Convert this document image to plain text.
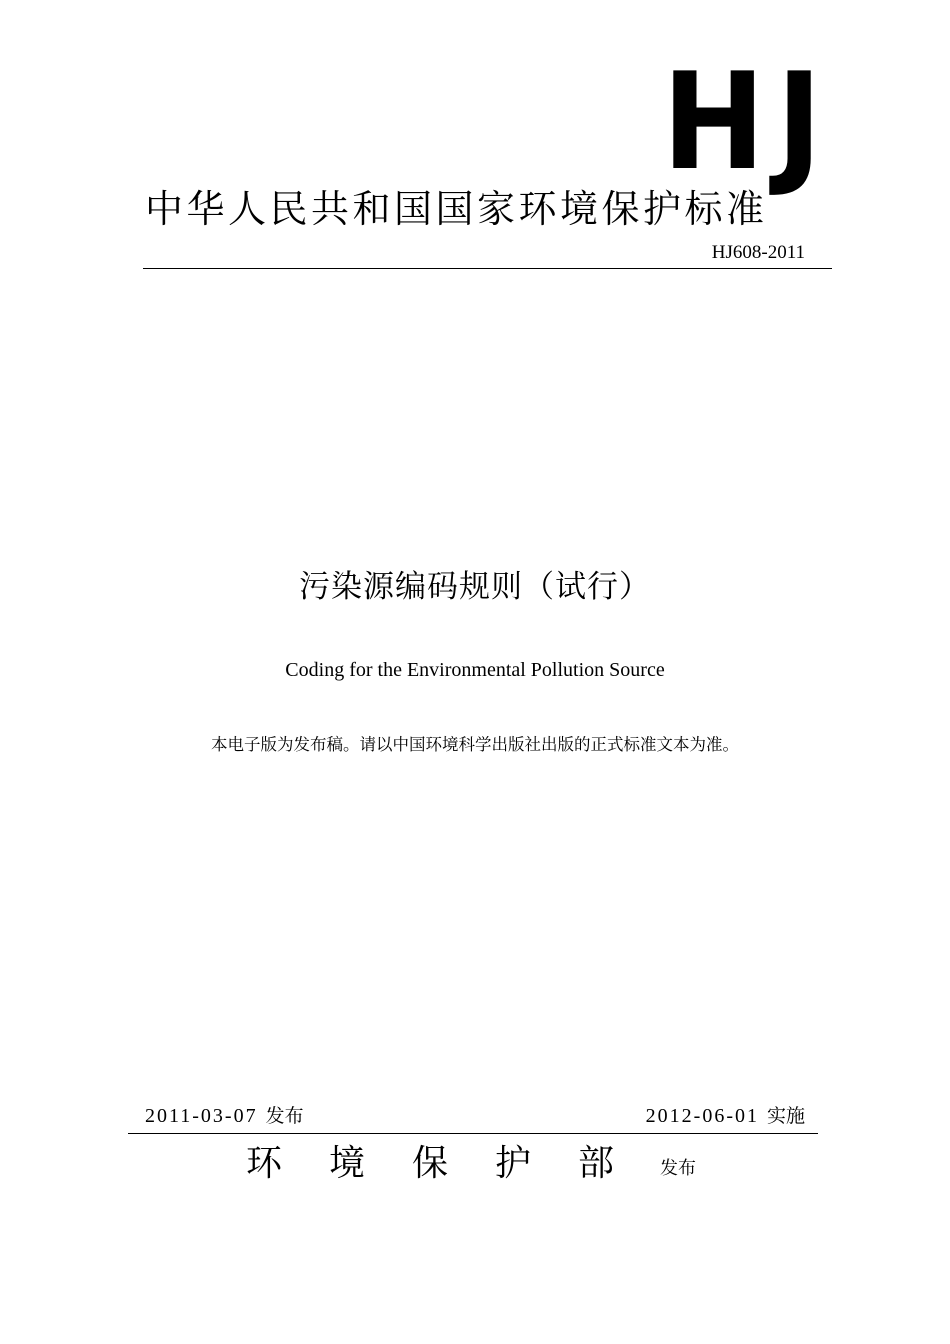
HJ
中华人民共和国国家环境保护标准
HJ608-2011
污染源编码规则（试行）
Coding for the Environmental Pollution Source
本电子版为发布稿。请以中国环境科学出版社出版的正式标准文本为准。
2011-03-07 发布	2012-06-01 实施
环境保护部
发布
